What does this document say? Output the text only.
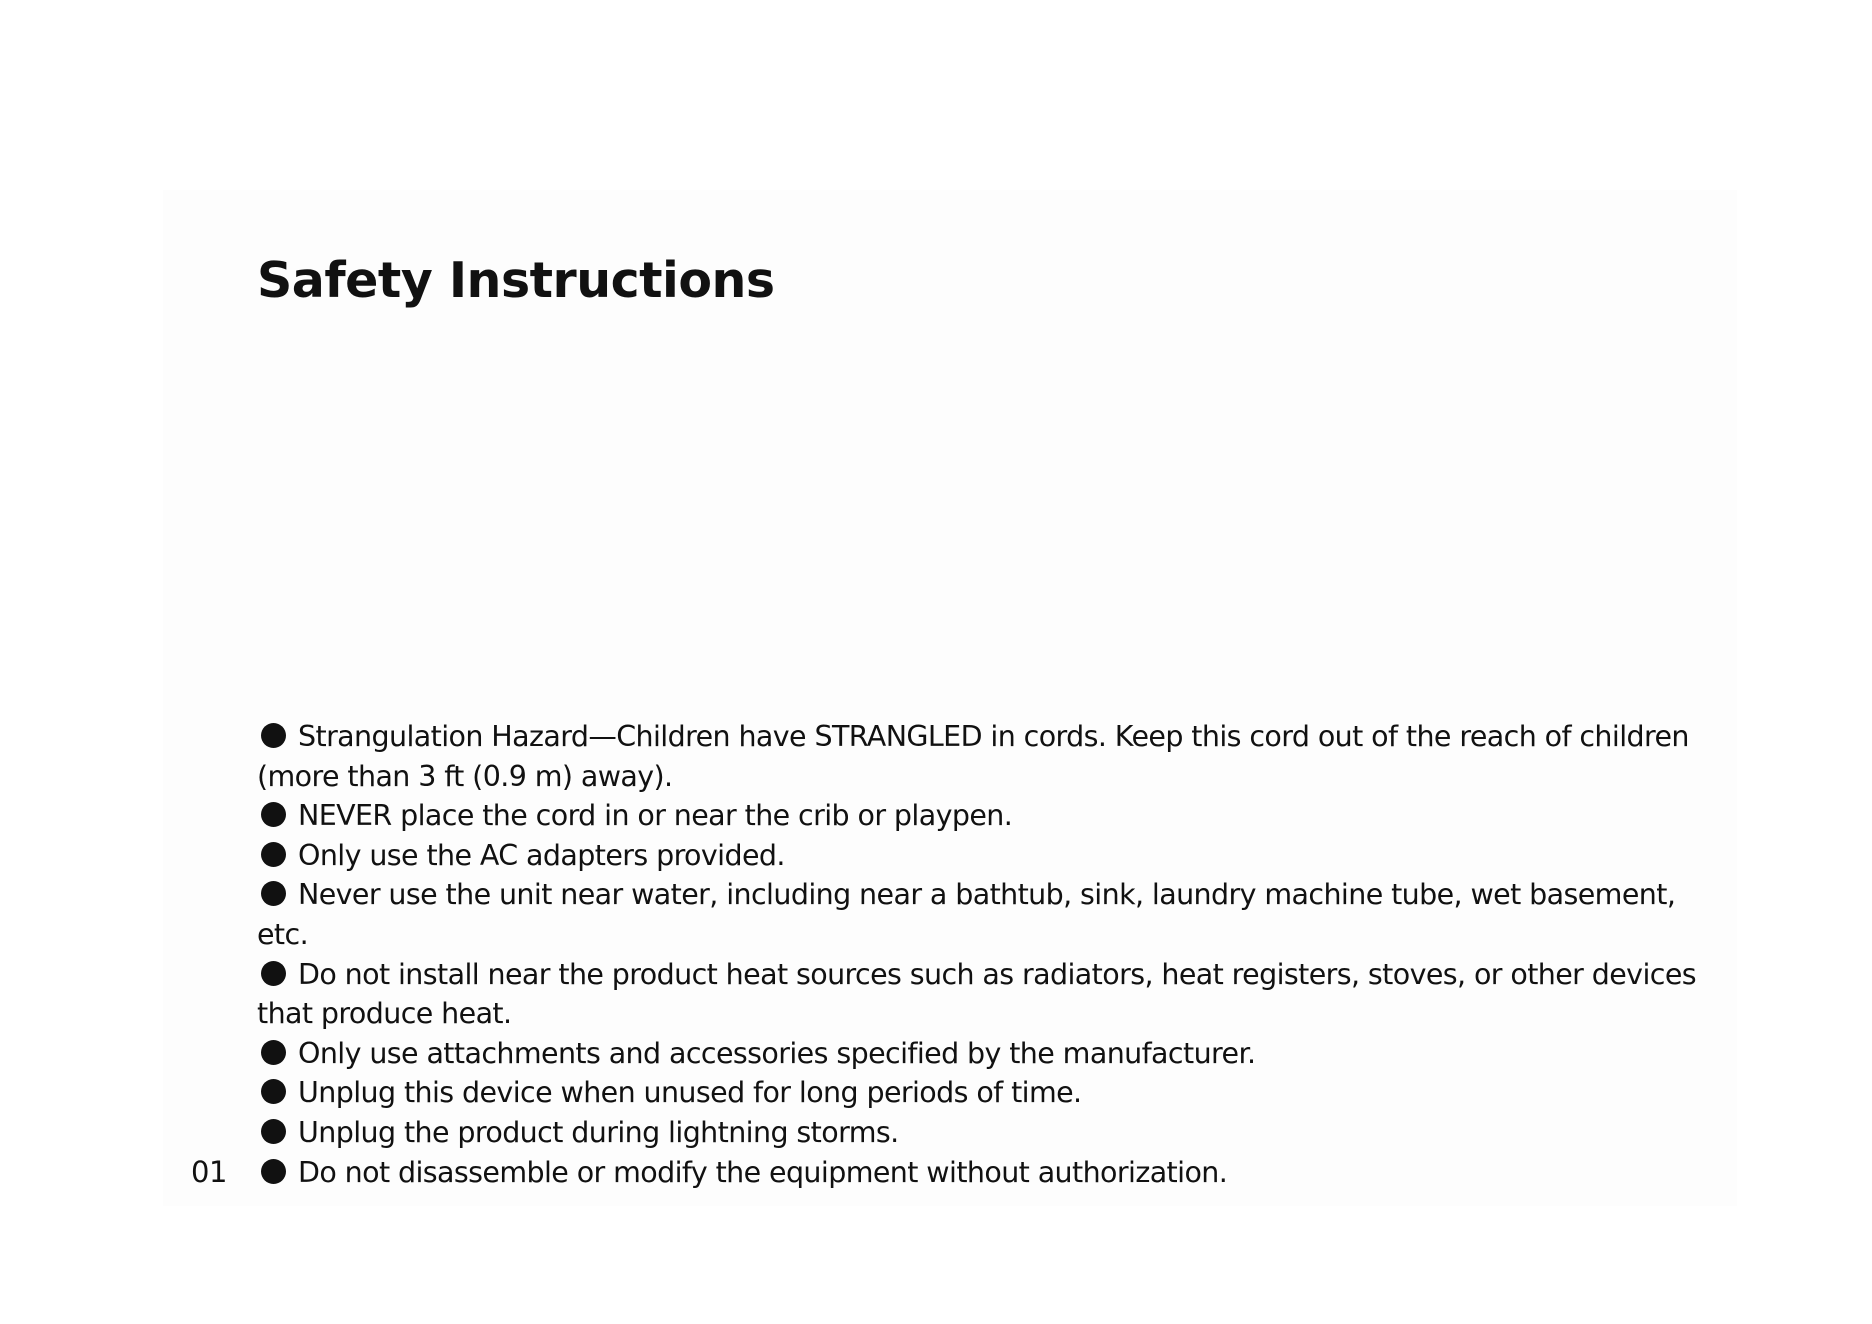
Safety Instructions
Strangulation Hazard—Children have STRANGLED in cords. Keep this cord out of the reach of children (more than 3 ft (0.9 m) away).
NEVER place the cord in or near the crib or playpen.
Only use the AC adapters provided.
Never use the unit near water, including near a bathtub, sink, laundry machine tube, wet basement, etc.
Do not install near the product heat sources such as radiators, heat registers, stoves, or other devices that produce heat.
Only use attachments and accessories specified by the manufacturer.
Unplug this device when unused for long periods of time.
Unplug the product during lightning storms.
Do not disassemble or modify the equipment without authorization.
01
